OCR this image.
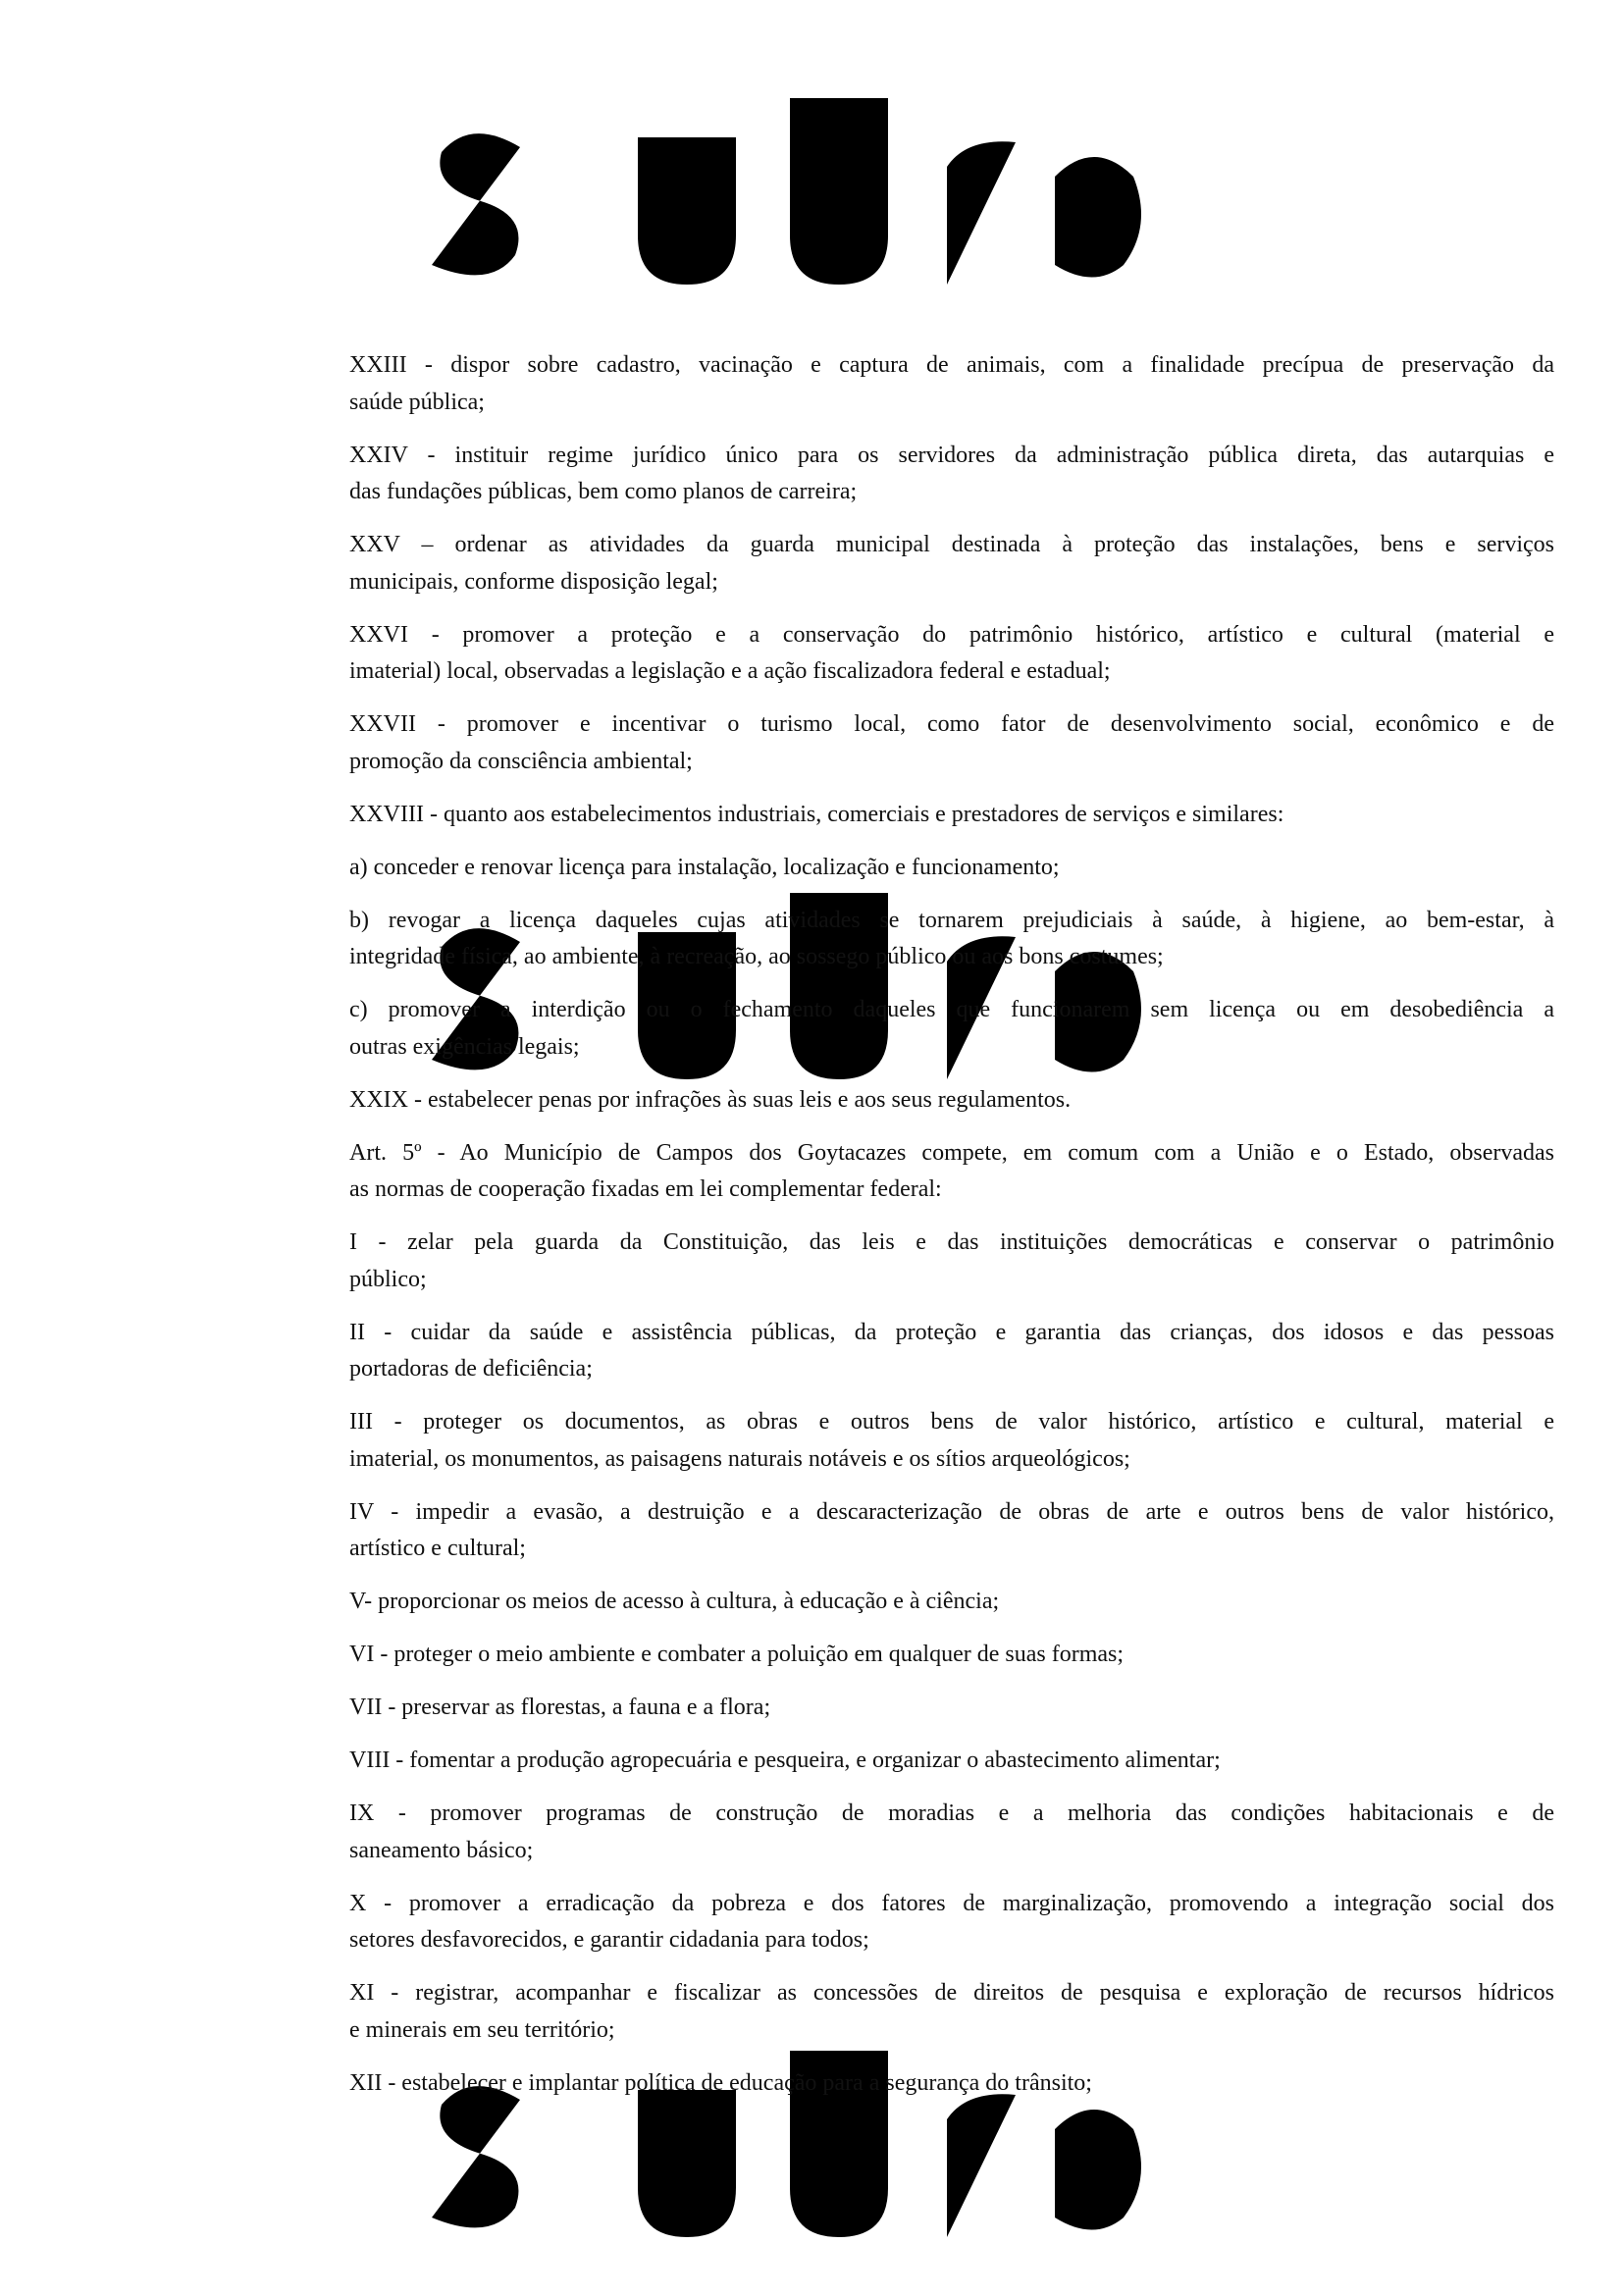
XXIII - dispor sobre cadastro, vacinação e captura de animais, com a finalidade precípua de preservação da
saúde pública;
XXIV - instituir regime jurídico único para os servidores da administração pública direta, das autarquias e
das fundações públicas, bem como planos de carreira;
XXV – ordenar as atividades da guarda municipal destinada à proteção das instalações, bens e serviços
municipais, conforme disposição legal;
XXVI - promover a proteção e a conservação do patrimônio histórico, artístico e cultural (material e
imaterial) local, observadas a legislação e a ação fiscalizadora federal e estadual;
XXVII - promover e incentivar o turismo local, como fator de desenvolvimento social, econômico e de
promoção da consciência ambiental;
XXVIII - quanto aos estabelecimentos industriais, comerciais e prestadores de serviços e similares:
a) conceder e renovar licença para instalação, localização e funcionamento;
b) revogar a licença daqueles cujas atividades se tornarem prejudiciais à saúde, à higiene, ao bem-estar, à
integridade física, ao ambiente, à recreação, ao sossego público ou aos bons costumes;
c) promover a interdição ou o fechamento daqueles que funcionarem sem licença ou em desobediência a
outras exigências legais;
XXIX - estabelecer penas por infrações às suas leis e aos seus regulamentos.
Art. 5º - Ao Município de Campos dos Goytacazes compete, em comum com a União e o Estado, observadas
as normas de cooperação fixadas em lei complementar federal:
I - zelar pela guarda da Constituição, das leis e das instituições democráticas e conservar o patrimônio
público;
II - cuidar da saúde e assistência públicas, da proteção e garantia das crianças, dos idosos e das pessoas
portadoras de deficiência;
III - proteger os documentos, as obras e outros bens de valor histórico, artístico e cultural, material e
imaterial, os monumentos, as paisagens naturais notáveis e os sítios arqueológicos;
IV - impedir a evasão, a destruição e a descaracterização de obras de arte e outros bens de valor histórico,
artístico e cultural;
V- proporcionar os meios de acesso à cultura, à educação e à ciência;
VI - proteger o meio ambiente e combater a poluição em qualquer de suas formas;
VII - preservar as florestas, a fauna e a flora;
VIII - fomentar a produção agropecuária e pesqueira, e organizar o abastecimento alimentar;
IX - promover programas de construção de moradias e a melhoria das condições habitacionais e de
saneamento básico;
X - promover a erradicação da pobreza e dos fatores de marginalização, promovendo a integração social dos
setores desfavorecidos, e garantir cidadania para todos;
XI - registrar, acompanhar e fiscalizar as concessões de direitos de pesquisa e exploração de recursos hídricos
e minerais em seu território;
XII - estabelecer e implantar política de educação para a segurança do trânsito;
